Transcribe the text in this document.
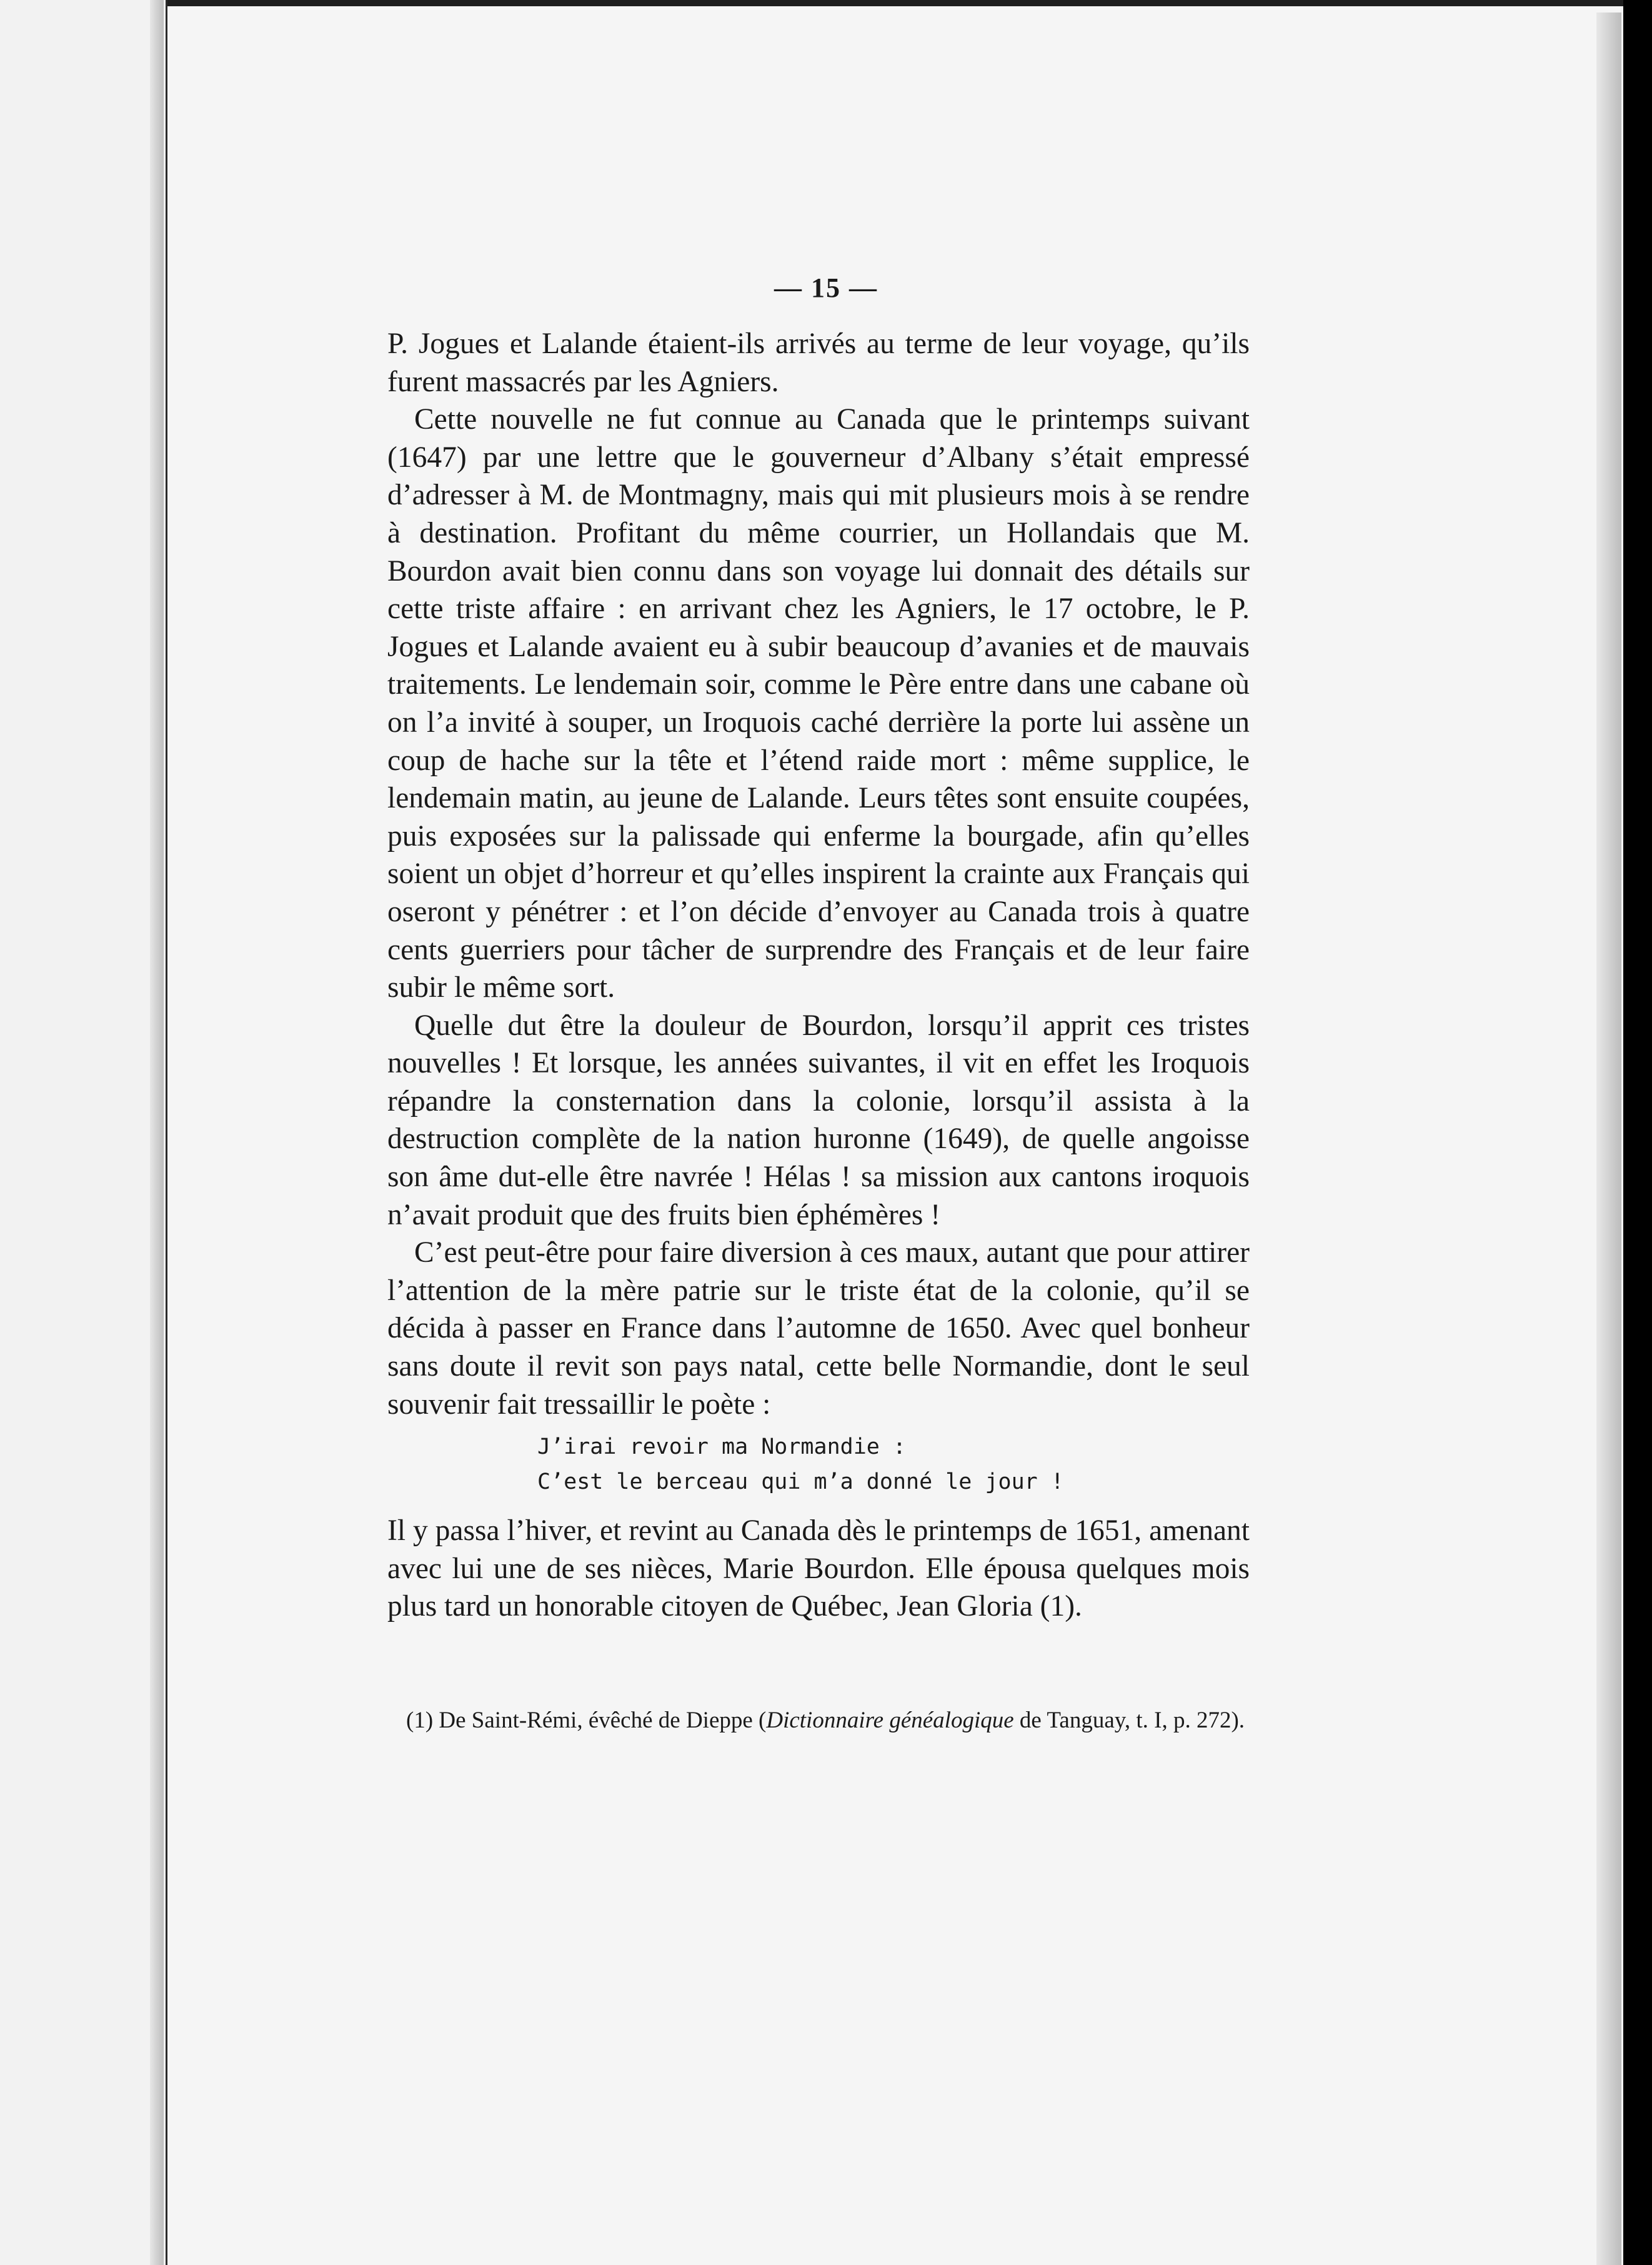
— 15 —

P. Jogues et Lalande étaient-ils arrivés au terme de leur voyage, qu’ils furent massacrés par les Agniers.

Cette nouvelle ne fut connue au Canada que le printemps suivant (1647) par une lettre que le gouverneur d’Albany s’était empressé d’adresser à M. de Montmagny, mais qui mit plusieurs mois à se rendre à destination. Profitant du même courrier, un Hollandais que M. Bourdon avait bien connu dans son voyage lui donnait des détails sur cette triste affaire : en arrivant chez les Agniers, le 17 octobre, le P. Jogues et Lalande avaient eu à subir beaucoup d’avanies et de mauvais traitements. Le lendemain soir, comme le Père entre dans une cabane où on l’a invité à souper, un Iroquois caché derrière la porte lui assène un coup de hache sur la tête et l’étend raide mort : même supplice, le lendemain matin, au jeune de Lalande. Leurs têtes sont ensuite coupées, puis exposées sur la palissade qui enferme la bourgade, afin qu’elles soient un objet d’horreur et qu’elles inspirent la crainte aux Français qui oseront y pénétrer : et l’on décide d’envoyer au Canada trois à quatre cents guerriers pour tâcher de surprendre des Français et de leur faire subir le même sort.

Quelle dut être la douleur de Bourdon, lorsqu’il apprit ces tristes nouvelles ! Et lorsque, les années suivantes, il vit en effet les Iroquois répandre la consternation dans la colonie, lorsqu’il assista à la destruction complète de la nation huronne (1649), de quelle angoisse son âme dut-elle être navrée ! Hélas ! sa mission aux cantons iroquois n’avait produit que des fruits bien éphémères !

C’est peut-être pour faire diversion à ces maux, autant que pour attirer l’attention de la mère patrie sur le triste état de la colonie, qu’il se décida à passer en France dans l’automne de 1650. Avec quel bonheur sans doute il revit son pays natal, cette belle Normandie, dont le seul souvenir fait tressaillir le poète :

J’irai revoir ma Normandie :
C’est le berceau qui m’a donné le jour !

Il y passa l’hiver, et revint au Canada dès le printemps de 1651, amenant avec lui une de ses nièces, Marie Bourdon. Elle épousa quelques mois plus tard un honorable citoyen de Québec, Jean Gloria (1).

(1) De Saint-Rémi, évêché de Dieppe (Dictionnaire généalogique de Tanguay, t. I, p. 272).
